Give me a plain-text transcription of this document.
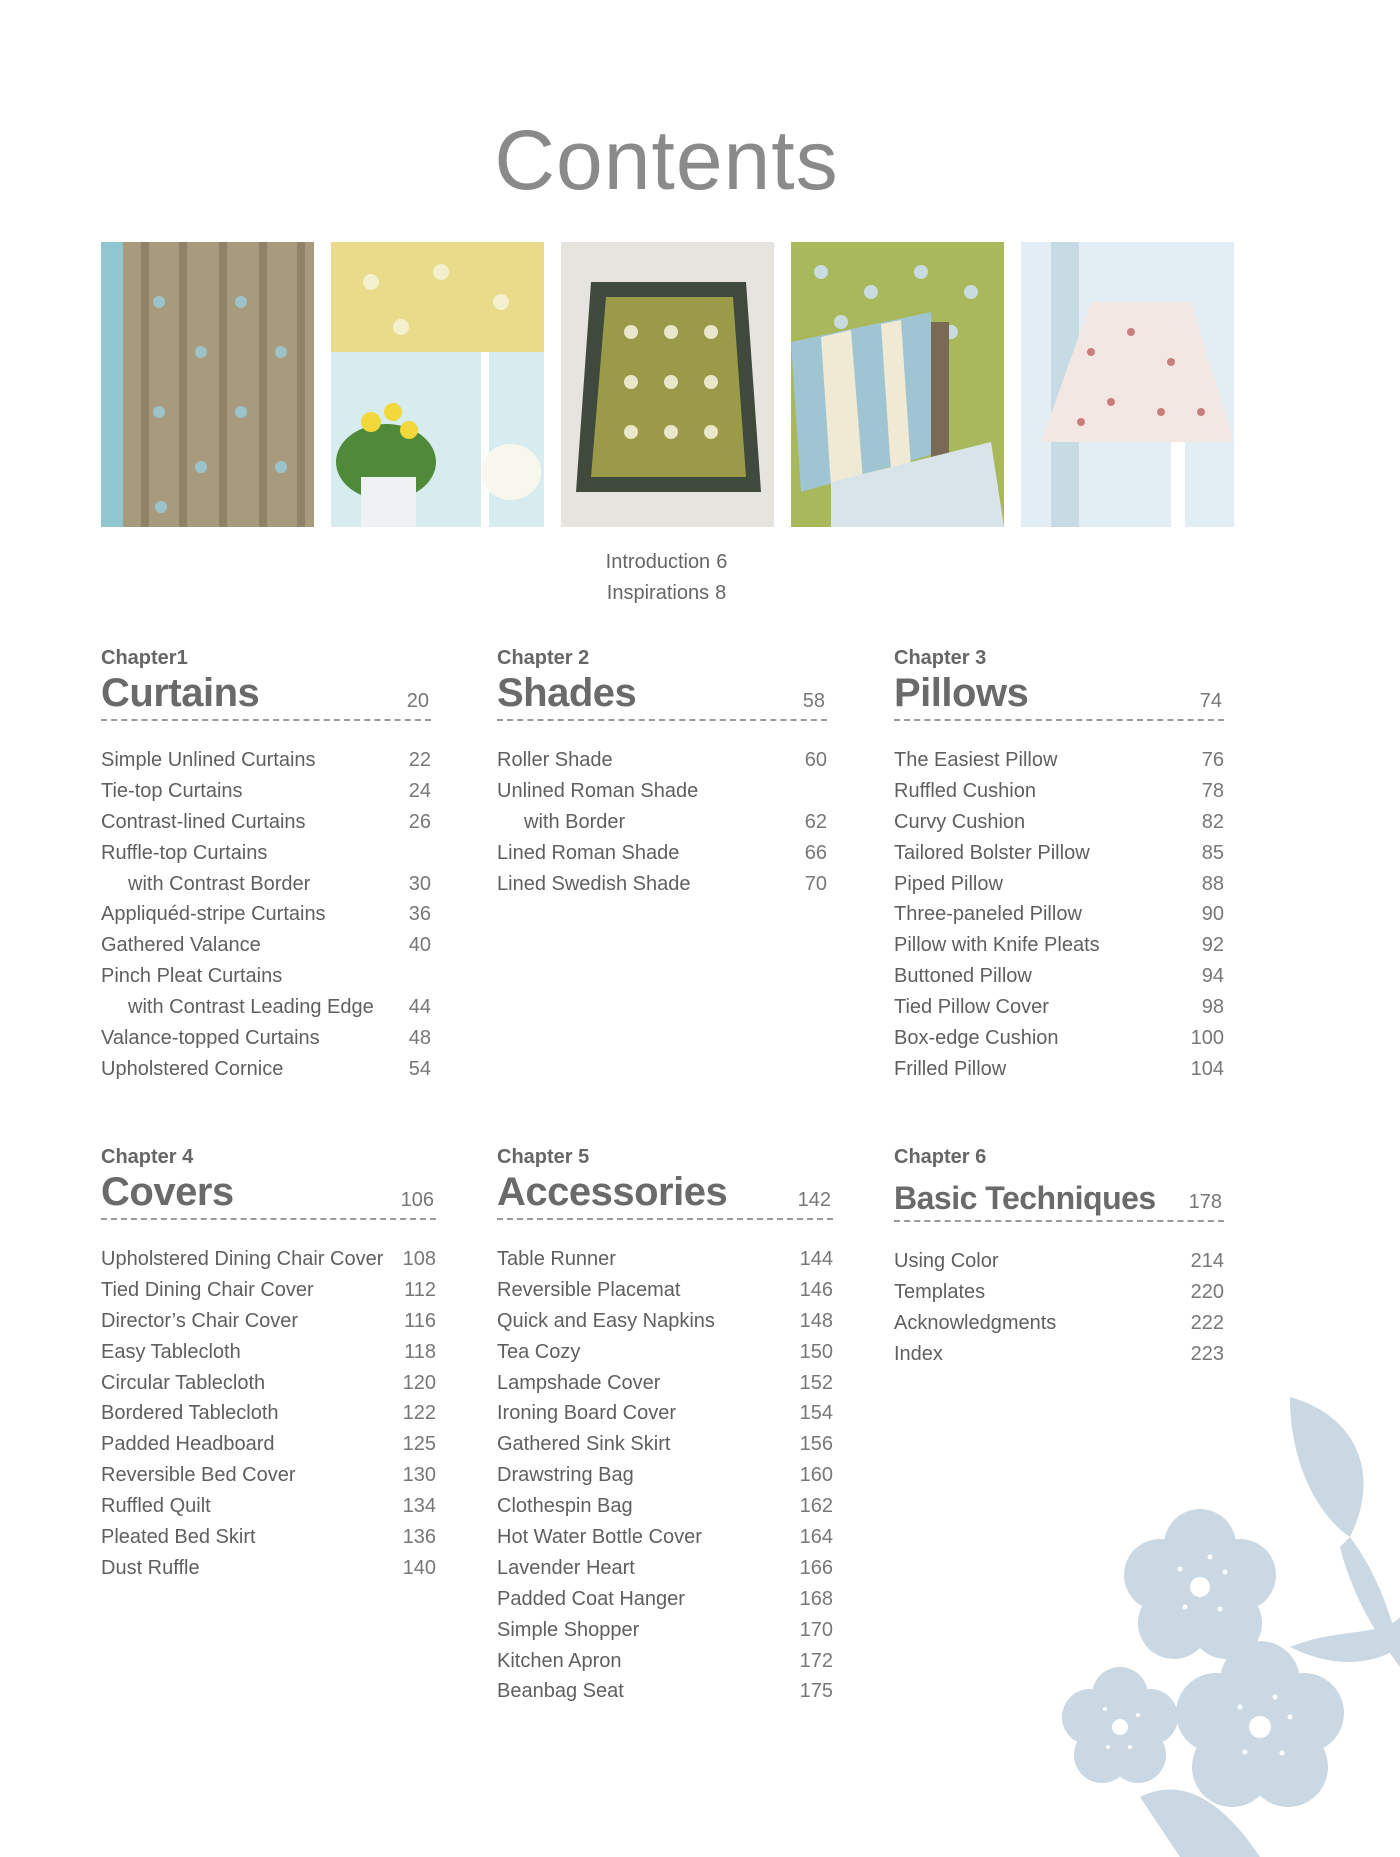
Contents
Introduction 6
Inspirations 8
Chapter1
Curtains	20
Simple Unlined Curtains	22
Tie-top Curtains	24
Contrast-lined Curtains	26
Ruffle-top Curtains
with Contrast Border	30
Appliquéd-stripe Curtains	36
Gathered Valance	40
Pinch Pleat Curtains
with Contrast Leading Edge 44
Valance-topped Curtains	48
Upholstered Cornice	54
Chapter 2
Shades	58
Roller Shade	60
Unlined Roman Shade
with Border	62
Lined Roman Shade	66
Lined Swedish Shade	70
Chapter 3
Pillows	74
The Easiest Pillow	76
Ruffled Cushion	78
Curvy Cushion	82
Tailored Bolster Pillow	85
Piped Pillow	88
Three-paneled Pillow	90
Pillow with Knife Pleats	92
Buttoned Pillow	94
Tied Pillow Cover	98
Box-edge Cushion	100
Frilled Pillow	104
Chapter 4
Covers	106
Upholstered Dining Chair Cover 108
Tied Dining Chair Cover	112
Director’s Chair Cover	116
Easy Tablecloth	118
Circular Tablecloth	120
Bordered Tablecloth	122
Padded Headboard	125
Reversible Bed Cover	130
Ruffled Quilt	134
Pleated Bed Skirt	136
Dust Ruffle	140
Chapter 5
Accessories	142
Table Runner	144
Reversible Placemat	146
Quick and Easy Napkins	148
Tea Cozy	150
Lampshade Cover	152
Ironing Board Cover	154
Gathered Sink Skirt	156
Drawstring Bag	160
Clothespin Bag	162
Hot Water Bottle Cover	164
Lavender Heart	166
Padded Coat Hanger	168
Simple Shopper	170
Kitchen Apron	172
Beanbag Seat	175
Chapter 6
Basic Techniques 178
Using Color	214
Templates	220
Acknowledgments	222
Index	223
